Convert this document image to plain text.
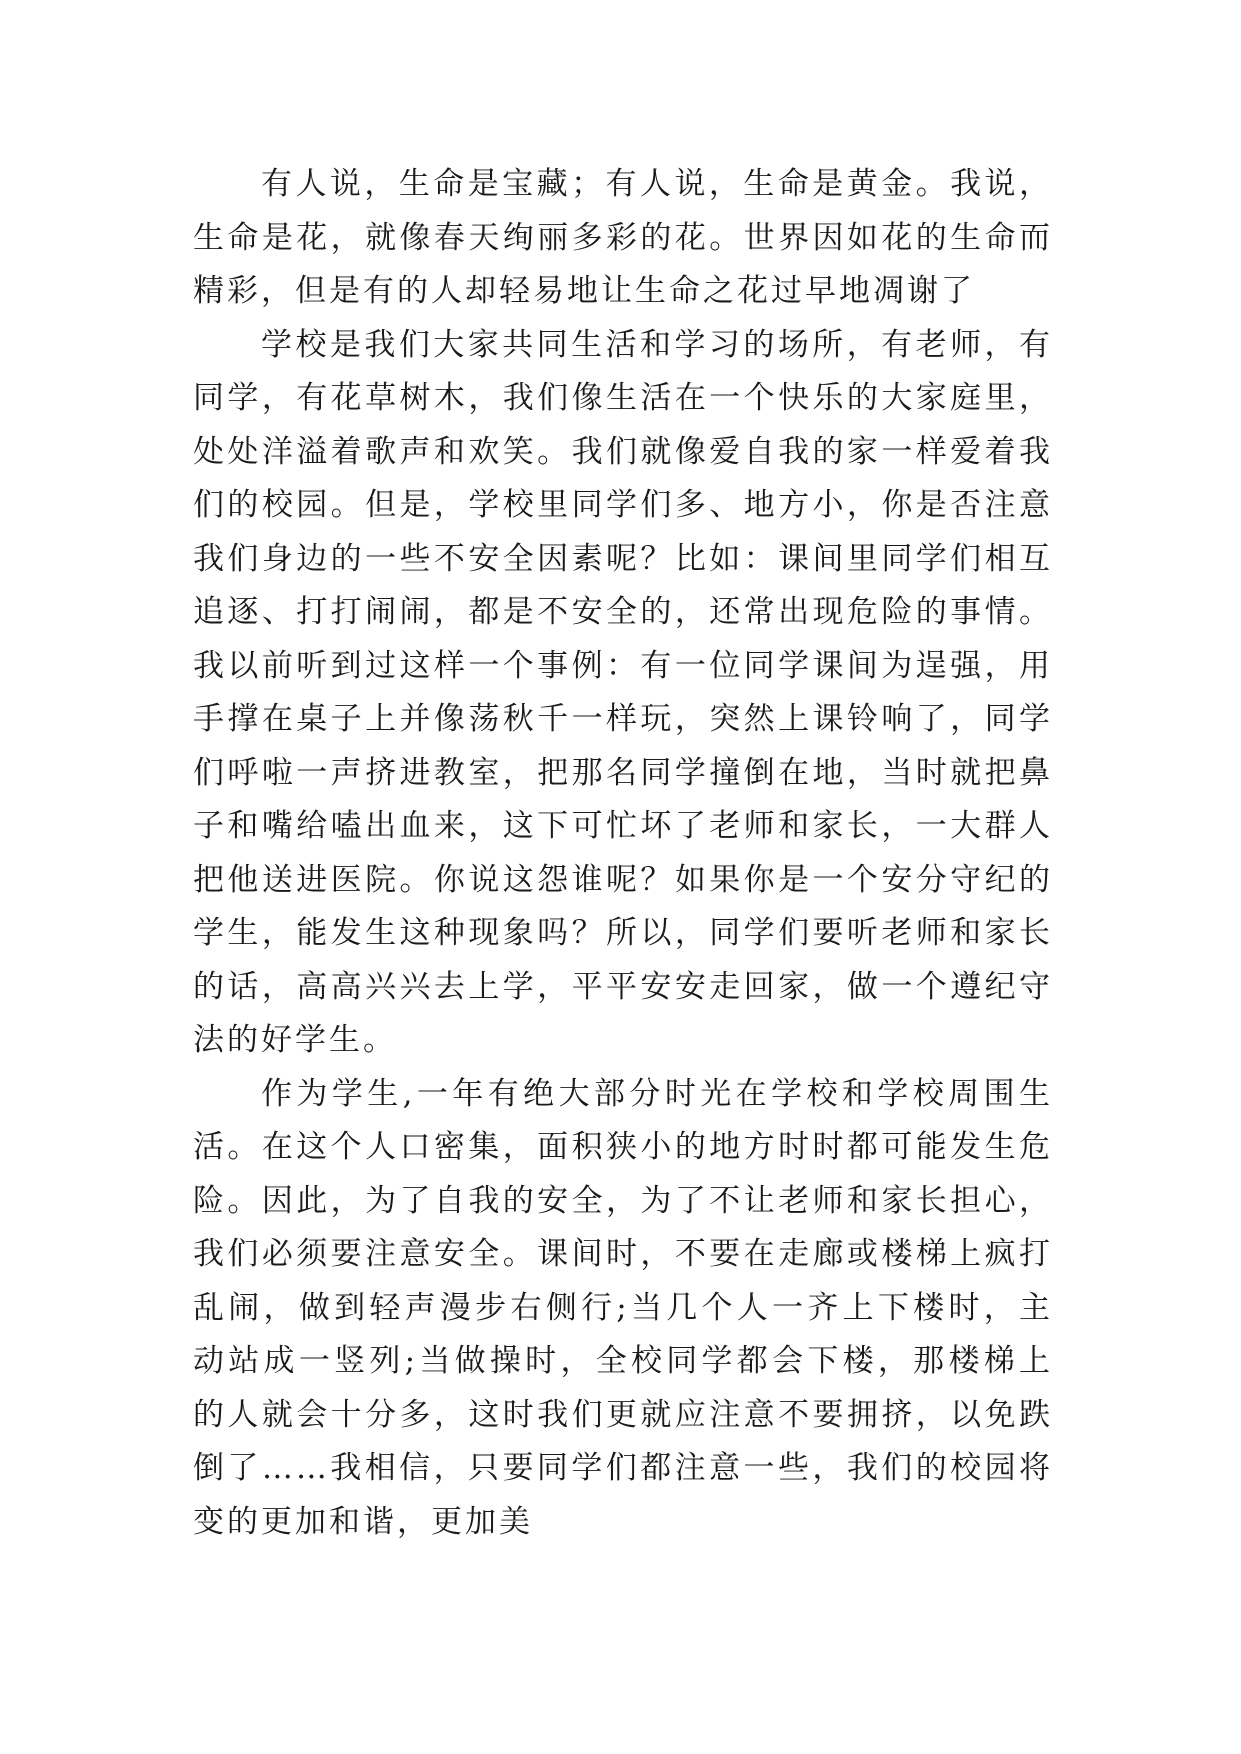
有人说，生命是宝藏；有人说，生命是黄金。我说，生命是花，就像春天绚丽多彩的花。世界因如花的生命而精彩，但是有的人却轻易地让生命之花过早地凋谢了

学校是我们大家共同生活和学习的场所，有老师，有同学，有花草树木，我们像生活在一个快乐的大家庭里，处处洋溢着歌声和欢笑。我们就像爱自我的家一样爱着我们的校园。但是，学校里同学们多、地方小，你是否注意我们身边的一些不安全因素呢？比如：课间里同学们相互追逐、打打闹闹，都是不安全的，还常出现危险的事情。我以前听到过这样一个事例：有一位同学课间为逞强，用手撑在桌子上并像荡秋千一样玩，突然上课铃响了，同学们呼啦一声挤进教室，把那名同学撞倒在地，当时就把鼻子和嘴给嗑出血来，这下可忙坏了老师和家长，一大群人把他送进医院。你说这怨谁呢？如果你是一个安分守纪的学生，能发生这种现象吗？所以，同学们要听老师和家长的话，高高兴兴去上学，平平安安走回家，做一个遵纪守法的好学生。

作为学生,一年有绝大部分时光在学校和学校周围生活。在这个人口密集，面积狭小的地方时时都可能发生危险。因此，为了自我的安全，为了不让老师和家长担心，我们必须要注意安全。课间时，不要在走廊或楼梯上疯打乱闹，做到轻声漫步右侧行;当几个人一齐上下楼时，主动站成一竖列;当做操时，全校同学都会下楼，那楼梯上的人就会十分多，这时我们更就应注意不要拥挤，以免跌倒了……我相信，只要同学们都注意一些，我们的校园将变的更加和谐，更加美
